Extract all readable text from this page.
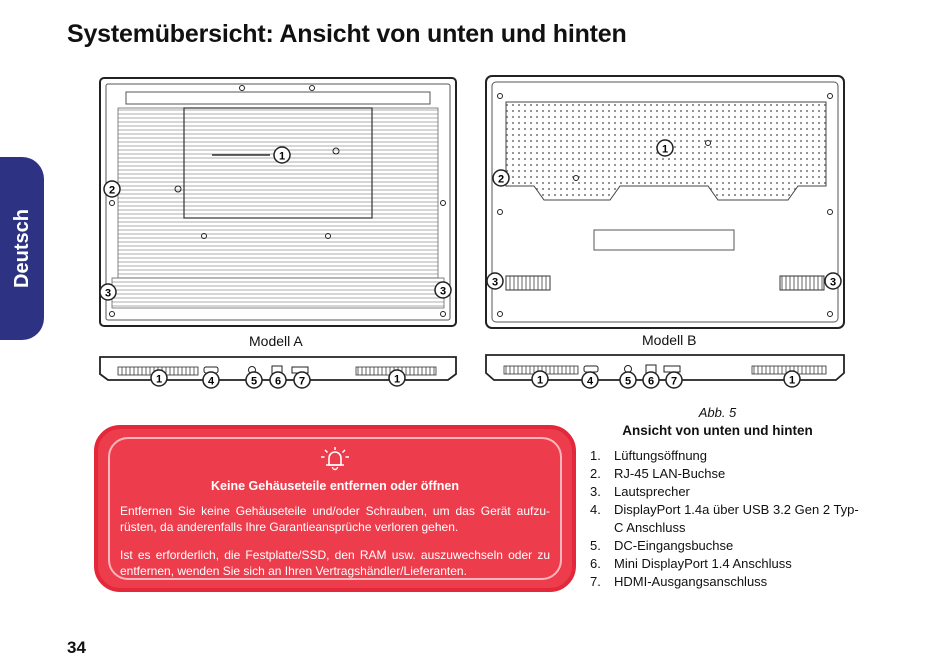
Systemübersicht: Ansicht von unten und hinten
Deutsch
1
2
3	3
1
2
3	3
1	4	5 6 7	1	1	4	5 6 7	1
Modell A	Modell B
Abb. 5
Ansicht von unten und hinten
1.	Lüftungsöffnung
2.	RJ-45 LAN-Buchse
3.	Lautsprecher
4.	DisplayPort 1.4a über USB 3.2 Gen 2 Typ-C Anschluss
5.	DC-Eingangsbuchse
6.	Mini DisplayPort 1.4 Anschluss
7.	HDMI-Ausgangsanschluss
Keine Gehäuseteile entfernen oder öffnen
Entfernen Sie keine Gehäuseteile und/oder Schrauben, um das Gerät aufzu-rüsten, da anderenfalls Ihre Garantieansprüche verloren gehen.
Ist es erforderlich, die Festplatte/SSD, den RAM usw. auszuwechseln oder zu entfernen, wenden Sie sich an Ihren Vertragshändler/Lieferanten.
34
